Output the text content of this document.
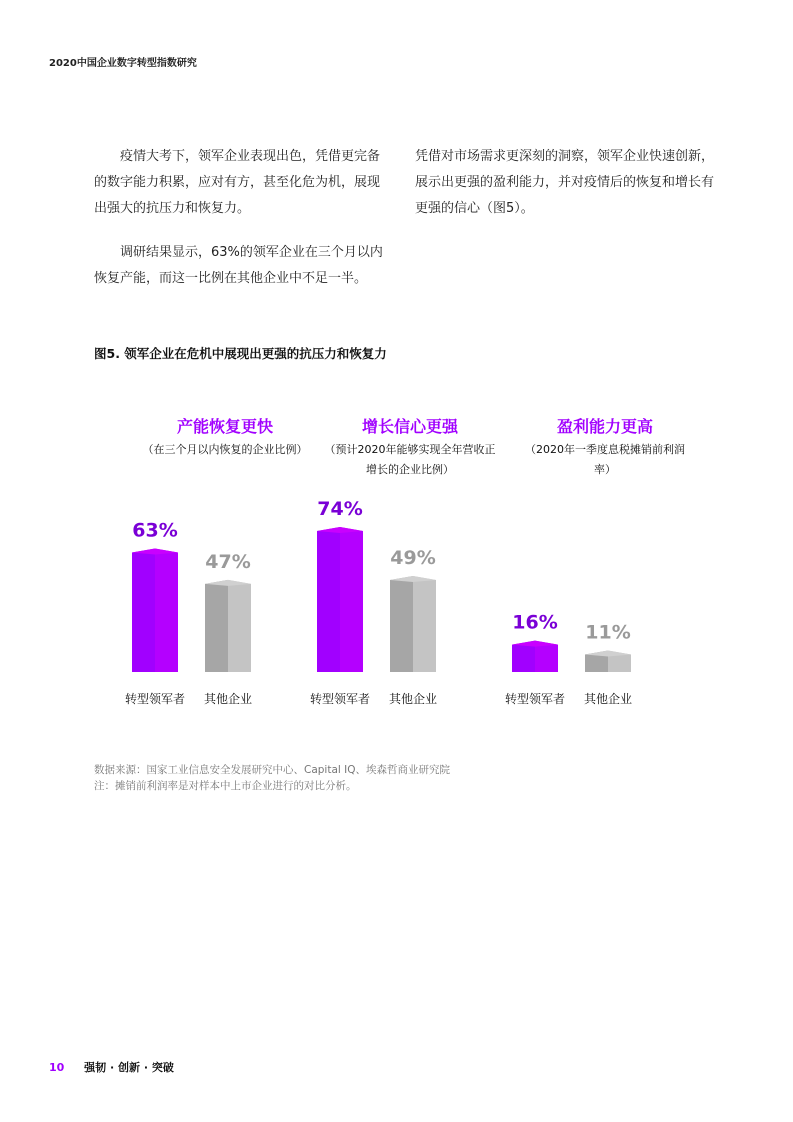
2020中国企业数字转型指数研究

疫情大考下，领军企业表现出色，凭借更完备的数字能力积累，应对有方，甚至化危为机，展现出强大的抗压力和恢复力。

调研结果显示，63%的领军企业在三个月以内恢复产能，而这一比例在其他企业中不足一半。

凭借对市场需求更深刻的洞察，领军企业快速创新，展示出更强的盈利能力，并对疫情后的恢复和增长有更强的信心（图5）。

图5. 领军企业在危机中展现出更强的抗压力和恢复力
产能恢复更快
（在三个月以内恢复的企业比例）
63%
转型领军者
47%
其他企业
增长信心更强
（预计2020年能够实现全年营收正增长的企业比例）
74%
转型领军者
49%
其他企业
盈利能力更高
（2020年一季度息税摊销前利润率）
16%
转型领军者
11%
其他企业
数据来源：国家工业信息安全发展研究中心、Capital IQ、埃森哲商业研究院
注：摊销前利润率是对样本中上市企业进行的对比分析。
10 强韧 · 创新 · 突破
